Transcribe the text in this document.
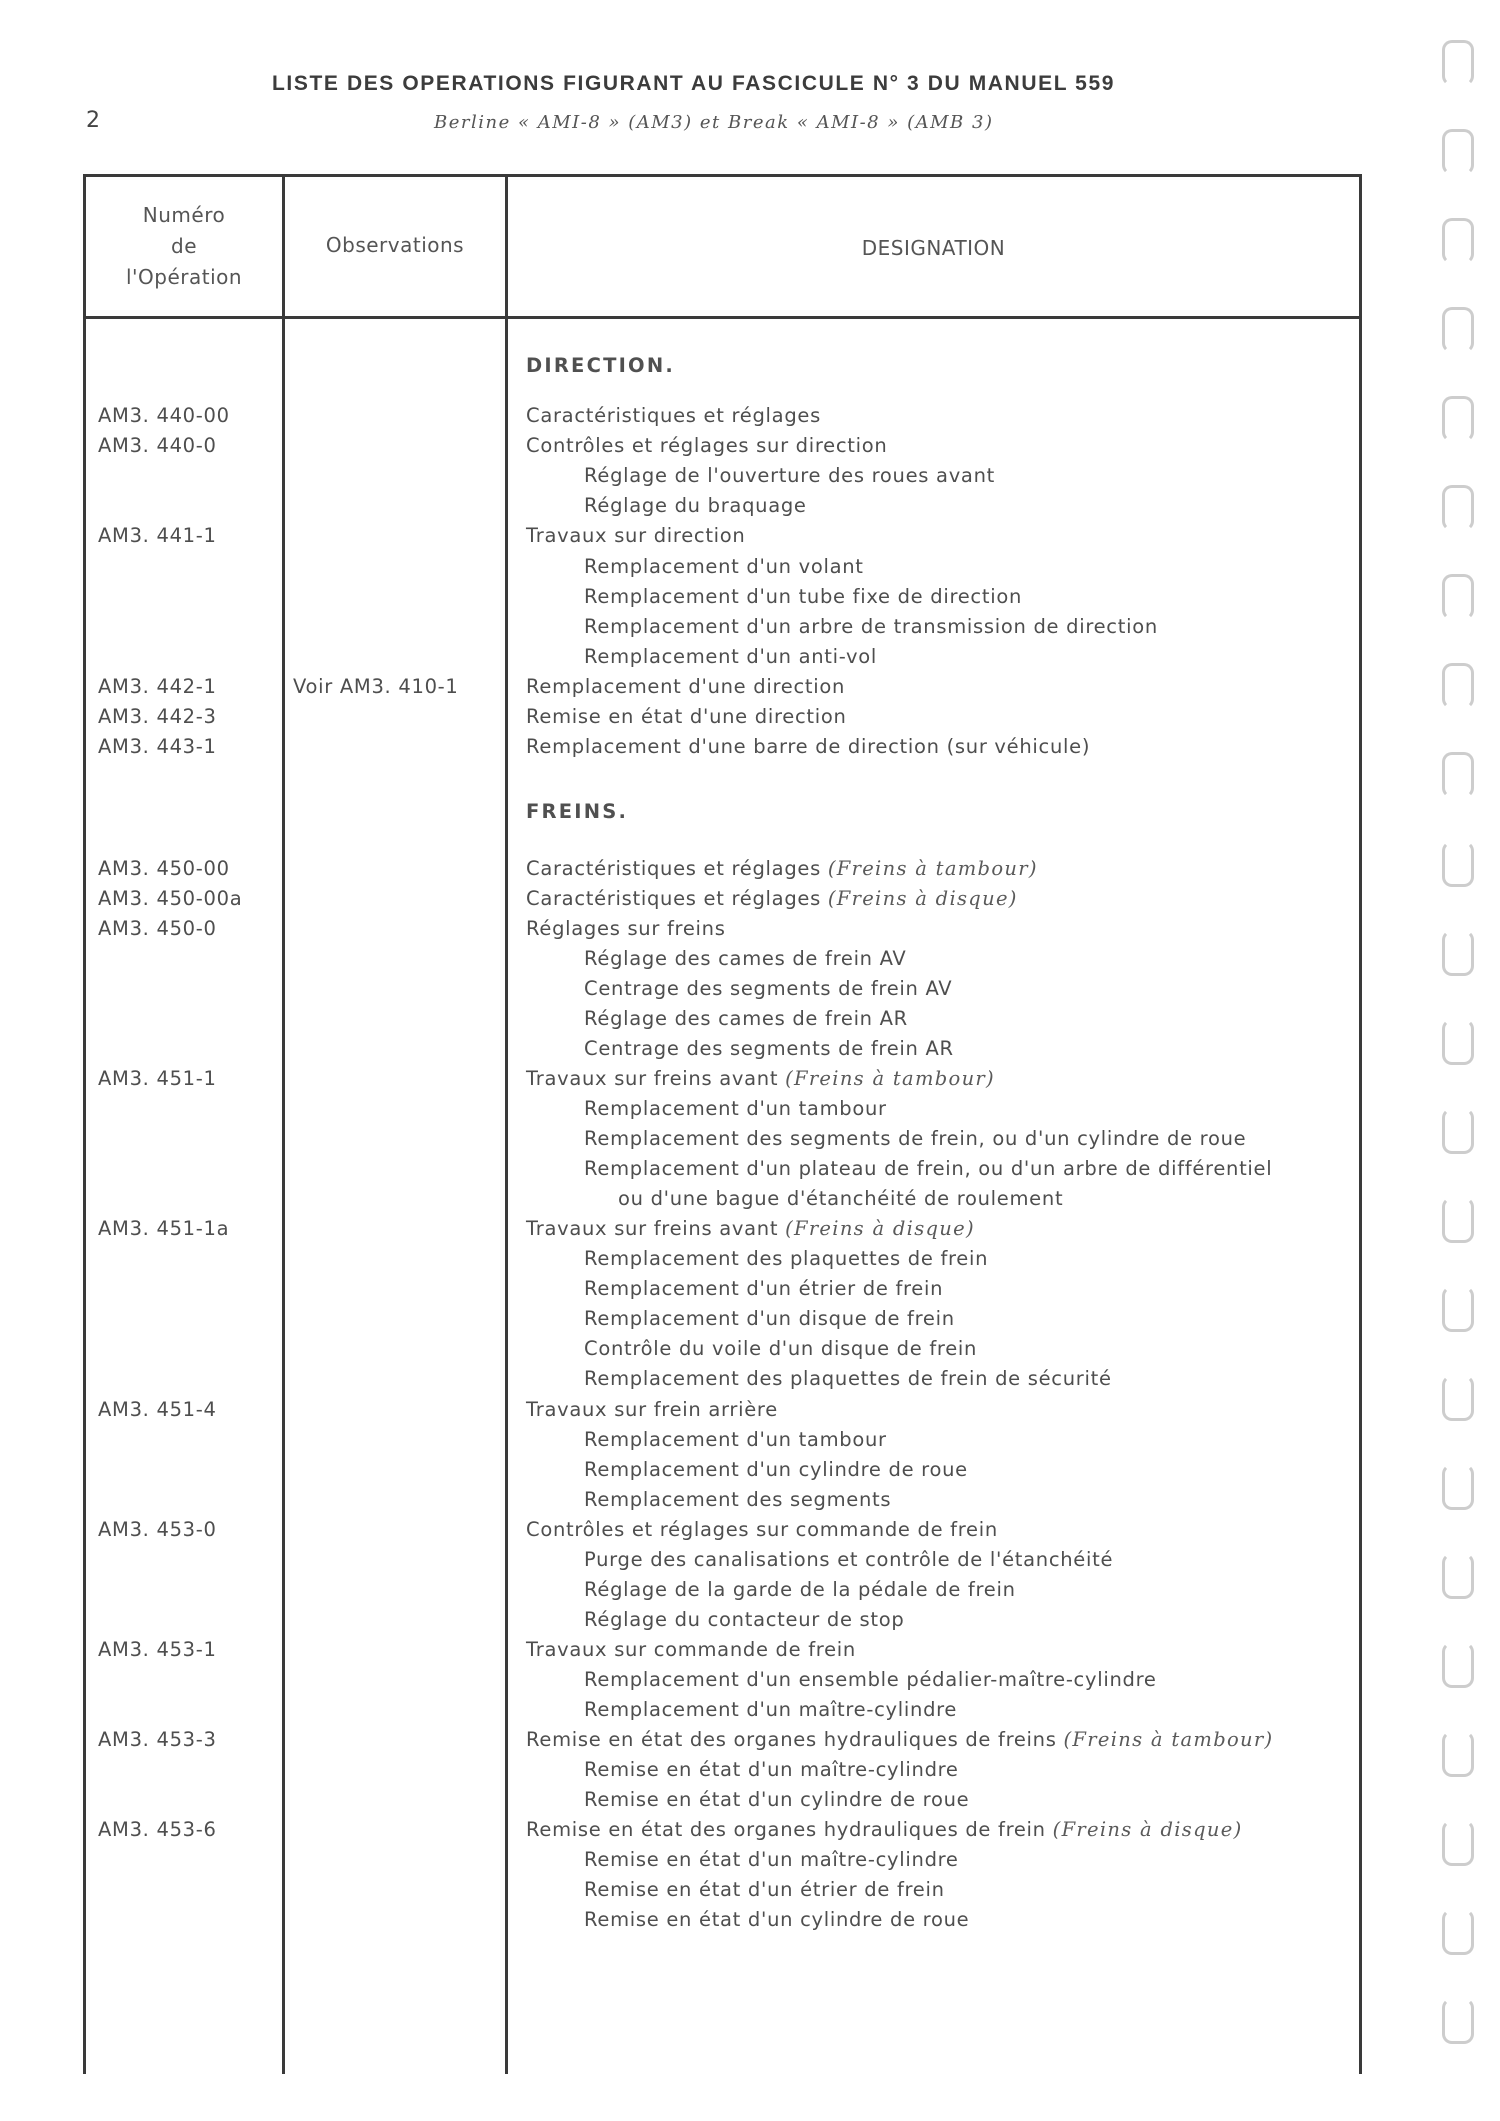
2
LISTE DES OPERATIONS FIGURANT AU FASCICULE N° 3 DU MANUEL 559
Berline « AMI-8 » (AM3) et Break « AMI-8 » (AMB 3)
Numéro
de
l'Opération
Observations	DESIGNATION
DIRECTION.
FREINS.
AM3. 440-00	Caractéristiques et réglages
AM3. 440-0	Contrôles et réglages sur direction
Réglage de l'ouverture des roues avant
Réglage du braquage
AM3. 441-1	Travaux sur direction
Remplacement d'un volant
Remplacement d'un tube fixe de direction
Remplacement d'un arbre de transmission de direction
Remplacement d'un anti-vol
AM3. 442-1	Voir AM3. 410-1	Remplacement d'une direction
AM3. 442-3	Remise en état d'une direction
AM3. 443-1	Remplacement d'une barre de direction (sur véhicule)
AM3. 450-00	Caractéristiques et réglages (Freins à tambour)
AM3. 450-00a	Caractéristiques et réglages (Freins à disque)
AM3. 450-0	Réglages sur freins
Réglage des cames de frein AV
Centrage des segments de frein AV
Réglage des cames de frein AR
Centrage des segments de frein AR
AM3. 451-1	Travaux sur freins avant (Freins à tambour)
Remplacement d'un tambour
Remplacement des segments de frein, ou d'un cylindre de roue
Remplacement d'un plateau de frein, ou d'un arbre de différentiel
ou d'une bague d'étanchéité de roulement
AM3. 451-1a	Travaux sur freins avant (Freins à disque)
Remplacement des plaquettes de frein
Remplacement d'un étrier de frein
Remplacement d'un disque de frein
Contrôle du voile d'un disque de frein
Remplacement des plaquettes de frein de sécurité
AM3. 451-4	Travaux sur frein arrière
Remplacement d'un tambour
Remplacement d'un cylindre de roue
Remplacement des segments
AM3. 453-0	Contrôles et réglages sur commande de frein
Purge des canalisations et contrôle de l'étanchéité
Réglage de la garde de la pédale de frein
Réglage du contacteur de stop
AM3. 453-1	Travaux sur commande de frein
Remplacement d'un ensemble pédalier-maître-cylindre
Remplacement d'un maître-cylindre
AM3. 453-3	Remise en état des organes hydrauliques de freins (Freins à tambour)
Remise en état d'un maître-cylindre
Remise en état d'un cylindre de roue
AM3. 453-6	Remise en état des organes hydrauliques de frein (Freins à disque)
Remise en état d'un maître-cylindre
Remise en état d'un étrier de frein
Remise en état d'un cylindre de roue
